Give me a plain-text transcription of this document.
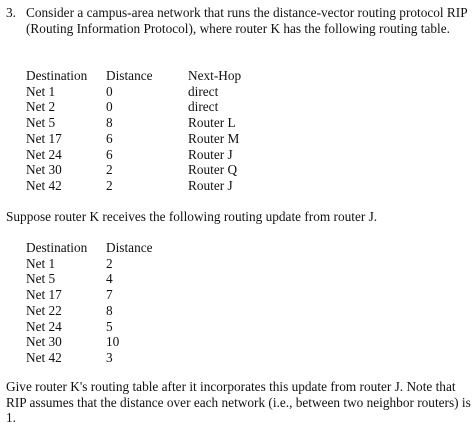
3. Consider a campus-area network that runs the distance-vector routing protocol RIP (Routing Information Protocol), where router K has the following routing table.
Destination	Distance	Next-Hop
Net 1	0	direct
Net 2	0	direct
Net 5	8	Router L
Net 17	6	Router M
Net 24	6	Router J
Net 30	2	Router Q
Net 42	2	Router J
Suppose router K receives the following routing update from router J.
Destination	Distance
Net 1	2
Net 5	4
Net 17	7
Net 22	8
Net 24	5
Net 30	10
Net 42	3
Give router K's routing table after it incorporates this update from router J. Note that RIP assumes that the distance over each network (i.e., between two neighbor routers) is 1.
